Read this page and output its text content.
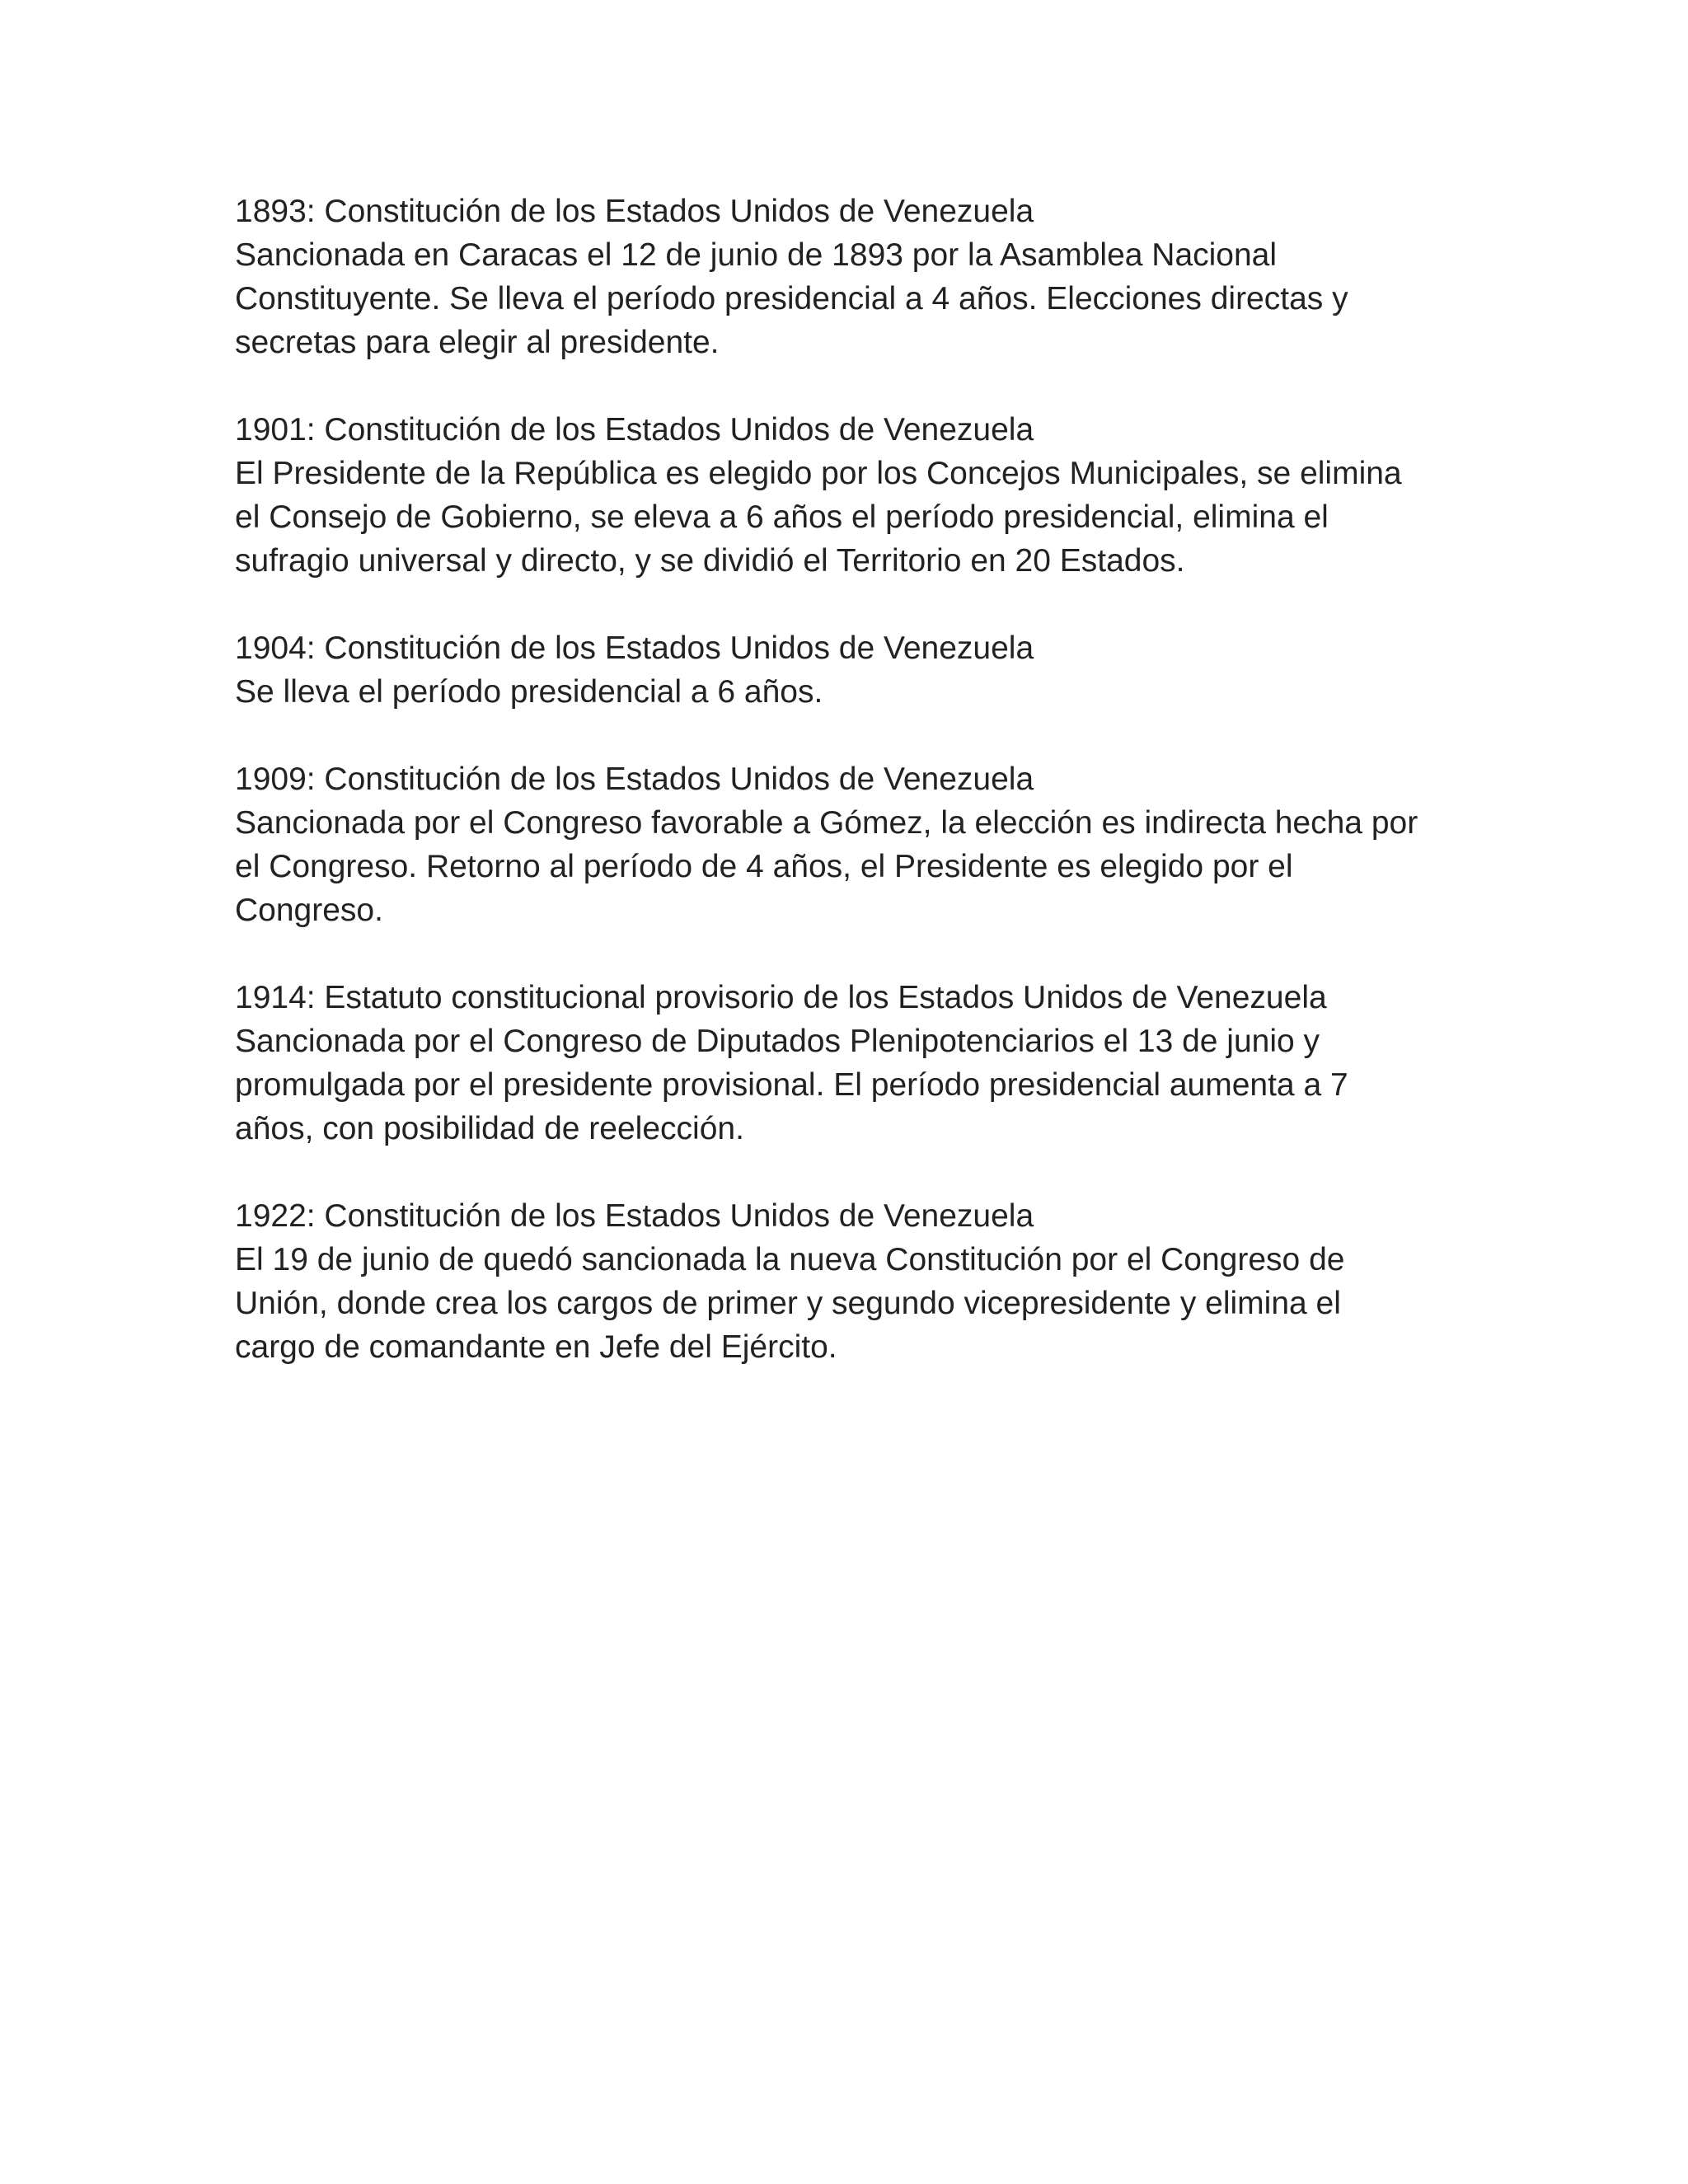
1893: Constitución de los Estados Unidos de Venezuela
Sancionada en Caracas el 12 de junio de 1893 por la Asamblea Nacional
Constituyente. Se lleva el período presidencial a 4 años. Elecciones directas y
secretas para elegir al presidente.
1901: Constitución de los Estados Unidos de Venezuela
El Presidente de la República es elegido por los Concejos Municipales, se elimina
el Consejo de Gobierno, se eleva a 6 años el período presidencial, elimina el
sufragio universal y directo, y se dividió el Territorio en 20 Estados.
1904: Constitución de los Estados Unidos de Venezuela
Se lleva el período presidencial a 6 años.
1909: Constitución de los Estados Unidos de Venezuela
Sancionada por el Congreso favorable a Gómez, la elección es indirecta hecha por
el Congreso. Retorno al período de 4 años, el Presidente es elegido por el
Congreso.
1914: Estatuto constitucional provisorio de los Estados Unidos de Venezuela
Sancionada por el Congreso de Diputados Plenipotenciarios el 13 de junio y
promulgada por el presidente provisional. El período presidencial aumenta a 7
años, con posibilidad de reelección.
1922: Constitución de los Estados Unidos de Venezuela
El 19 de junio de quedó sancionada la nueva Constitución por el Congreso de
Unión, donde crea los cargos de primer y segundo vicepresidente y elimina el
cargo de comandante en Jefe del Ejército.
